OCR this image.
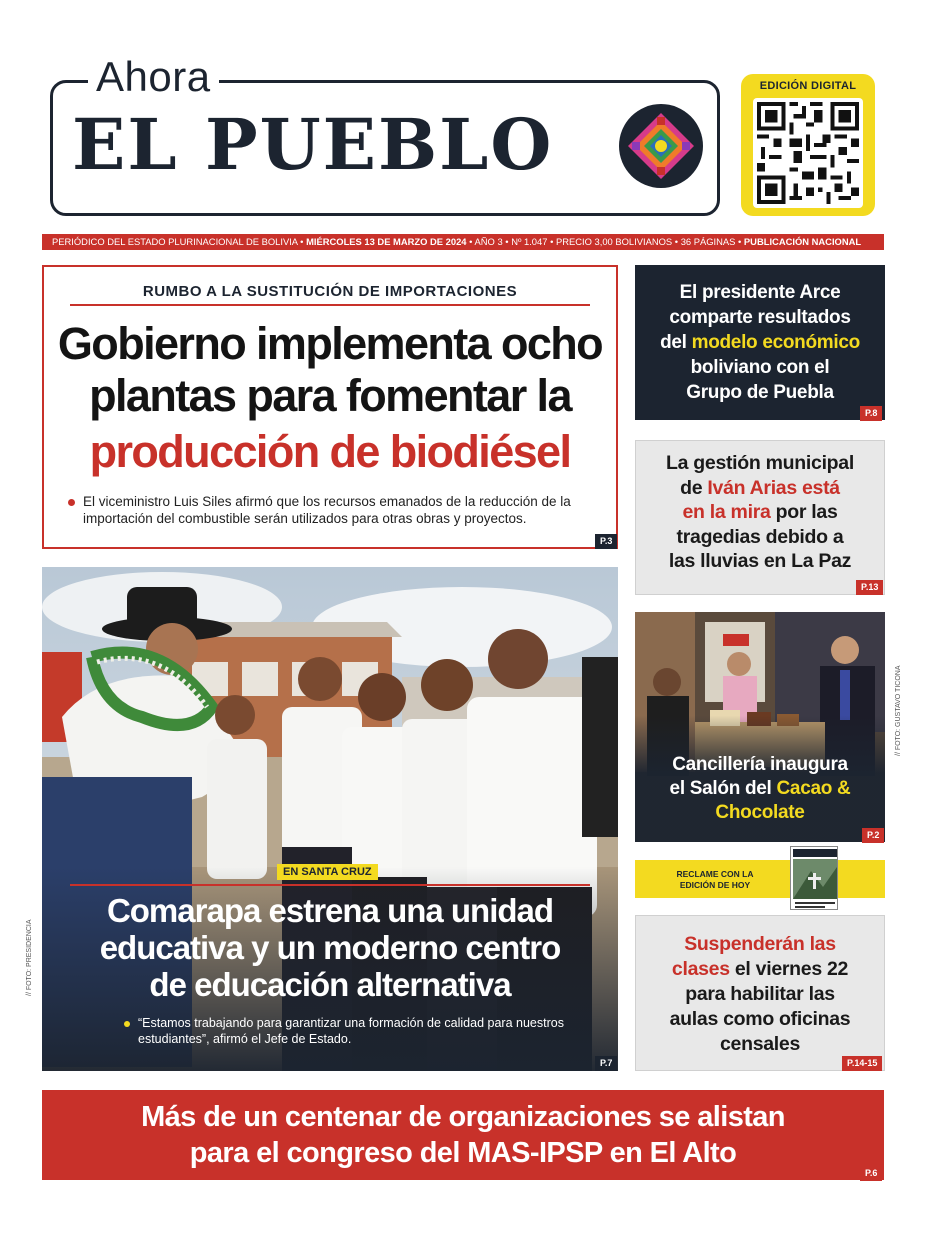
Ahora
EL PUEBLO
EDICIÓN DIGITAL
PERIÓDICO DEL ESTADO PLURINACIONAL DE BOLIVIA • MIÉRCOLES 13 DE MARZO DE 2024 • AÑO 3 • Nº 1.047 • PRECIO 3,00 BOLIVIANOS • 36 PÁGINAS • PUBLICACIÓN NACIONAL
RUMBO A LA SUSTITUCIÓN DE IMPORTACIONES
Gobierno implementa ocho
plantas para fomentar la
producción de biodiésel
El viceministro Luis Siles afirmó que los recursos emanados de la reducción de la importación del combustible serán utilizados para otras obras y proyectos.
P.3
// FOTO: PRESIDENCIA
EN SANTA CRUZ
Comarapa estrena una unidad
educativa y un moderno centro
de educación alternativa
“Estamos trabajando para garantizar una formación de calidad para nuestros estudiantes”, afirmó el Jefe de Estado.
P.7
El presidente Arce
comparte resultados
del modelo económico
boliviano con el
Grupo de Puebla
P.8
La gestión municipal
de Iván Arias está
en la mira por las
tragedias debido a
las lluvias en La Paz
P.13
Cancillería inaugura
el Salón del Cacao &
Chocolate
// FOTO: GUSTAVO TICONA
P.2
RECLAME CON LA EDICIÓN DE HOY
Suspenderán las
clases el viernes 22
para habilitar las
aulas como oficinas
censales
P.14-15
Más de un centenar de organizaciones se alistan
para el congreso del MAS-IPSP en El Alto
P.6
